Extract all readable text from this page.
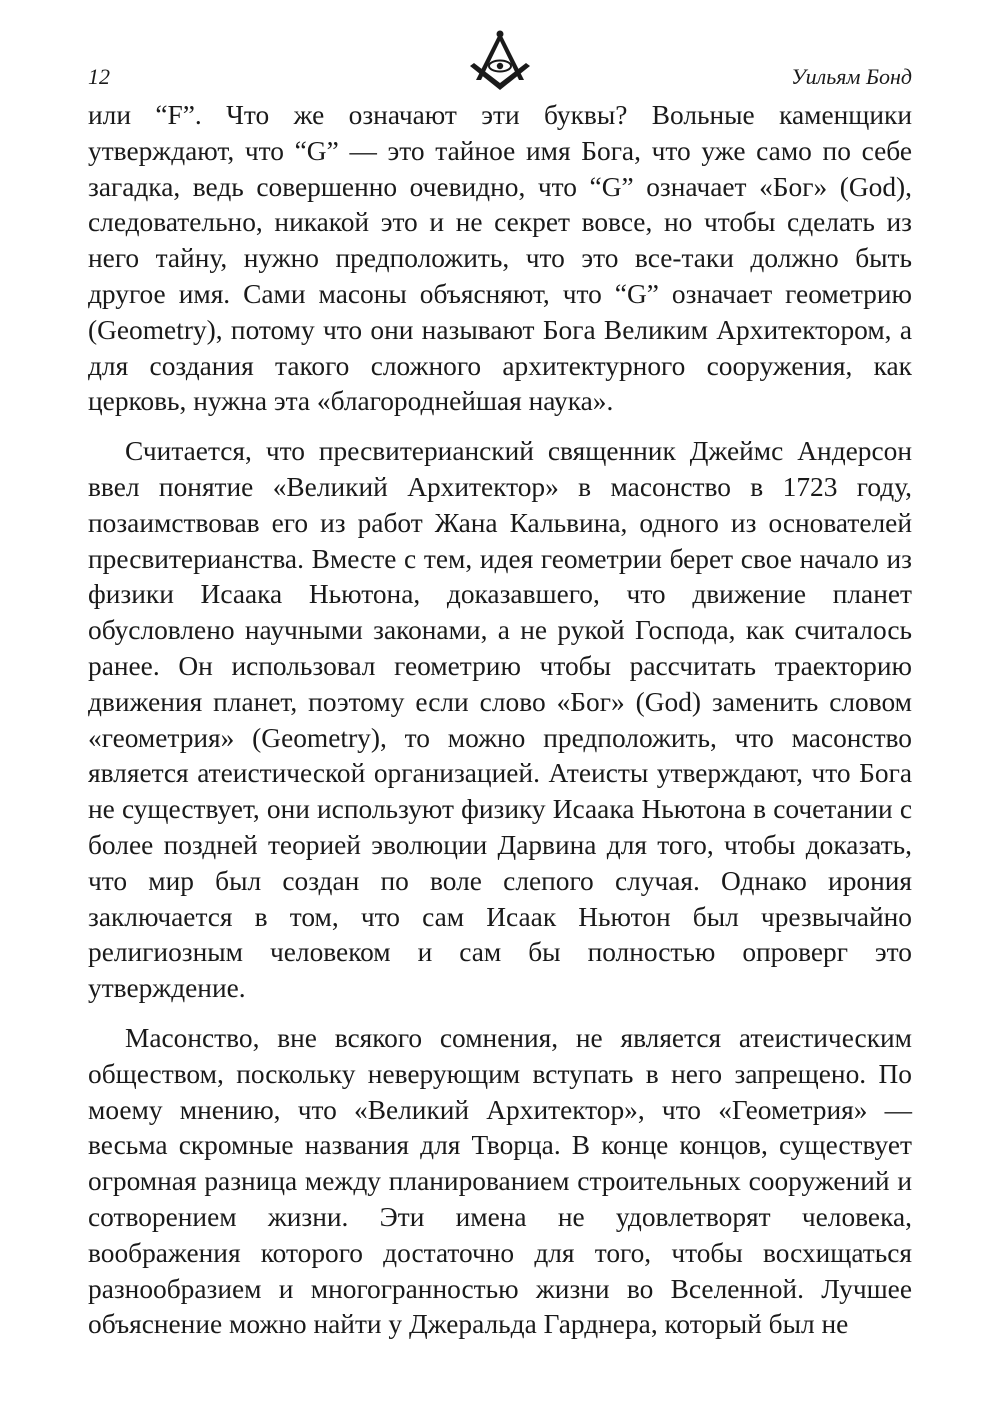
12	Уильям Бонд

или “F”. Что же означают эти буквы? Вольные каменщики утверждают, что “G” — это тайное имя Бога, что уже само по себе загадка, ведь совершенно очевидно, что “G” означает «Бог» (God), следовательно, никакой это и не секрет вовсе, но чтобы сделать из него тайну, нужно предположить, что это все-таки должно быть другое имя. Сами масоны объясняют, что “G” означает геометрию (Geometry), потому что они называют Бога Великим Архитектором, а для создания такого сложного архитектурного сооружения, как церковь, нужна эта «благороднейшая наука».

Считается, что пресвитерианский священник Джеймс Андерсон ввел понятие «Великий Архитектор» в масонство в 1723 году, позаимствовав его из работ Жана Кальвина, одного из основателей пресвитерианства. Вместе с тем, идея геометрии берет свое начало из физики Исаака Ньютона, доказавшего, что движение планет обусловлено научными законами, а не рукой Господа, как считалось ранее. Он использовал геометрию чтобы рассчитать траекторию движения планет, поэтому если слово «Бог» (God) заменить словом «геометрия» (Geometry), то можно предположить, что масонство является атеистической организацией. Атеисты утверждают, что Бога не существует, они используют физику Исаака Ньютона в сочетании с более поздней теорией эволюции Дарвина для того, чтобы доказать, что мир был создан по воле слепого случая. Однако ирония заключается в том, что сам Исаак Ньютон был чрезвычайно религиозным человеком и сам бы полностью опроверг это утверждение.

Масонство, вне всякого сомнения, не является атеистическим обществом, поскольку неверующим вступать в него запрещено. По моему мнению, что «Великий Архитектор», что «Геометрия» — весьма скромные названия для Творца. В конце концов, существует огромная разница между планированием строительных сооружений и сотворением жизни. Эти имена не удовлетворят человека, воображения которого достаточно для того, чтобы восхищаться разнообразием и многогранностью жизни во Вселенной. Лучшее объяснение можно найти у Джеральда Гарднера, который был не
